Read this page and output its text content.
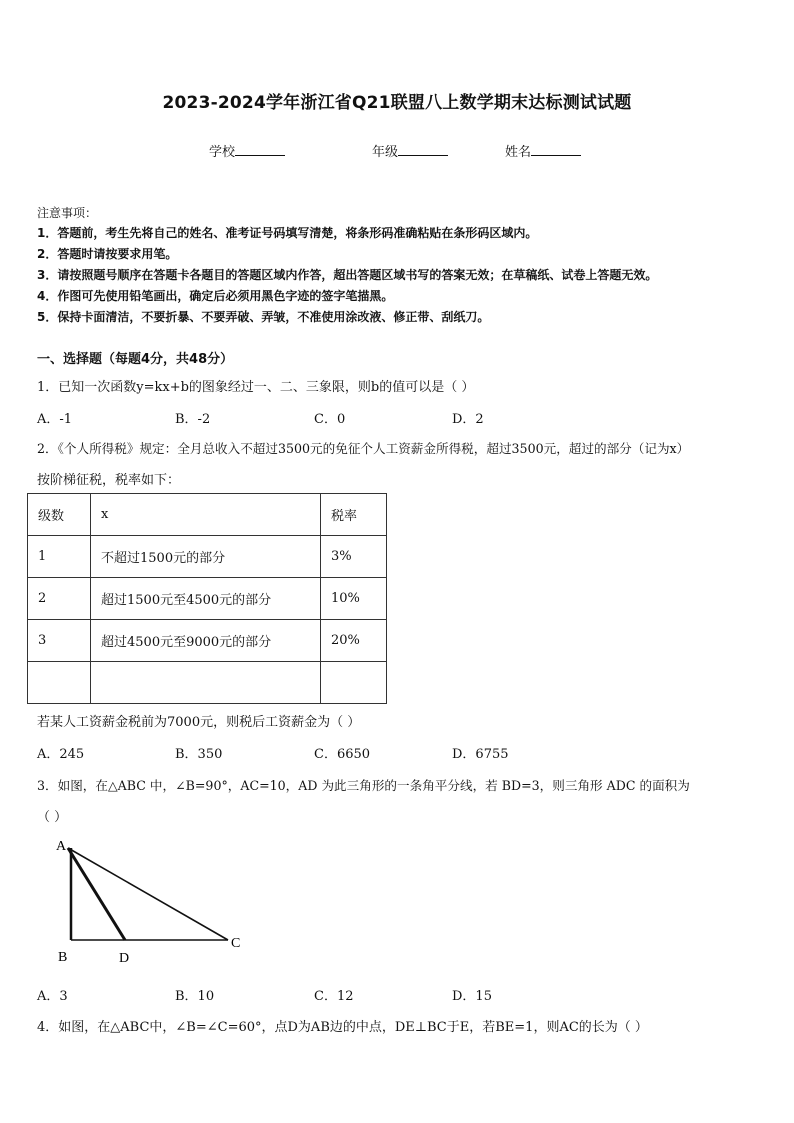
2023-2024学年浙江省Q21联盟八上数学期末达标测试试题
学校	年级	姓名
注意事项：
1．答题前，考生先将自己的姓名、准考证号码填写清楚，将条形码准确粘贴在条形码区域内。
2．答题时请按要求用笔。
3．请按照题号顺序在答题卡各题目的答题区域内作答，超出答题区域书写的答案无效；在草稿纸、试卷上答题无效。
4．作图可先使用铅笔画出，确定后必须用黑色字迹的签字笔描黑。
5．保持卡面清洁，不要折暴、不要弄破、弄皱，不准使用涂改液、修正带、刮纸刀。
一、选择题（每题4分，共48分）
1．已知一次函数y=kx+b的图象经过一、二、三象限，则b的值可以是（ ）
A．-1	B．-2	C．0	D．2
2．《个人所得税》规定：全月总收入不超过3500元的免征个人工资薪金所得税，超过3500元，超过的部分（记为x）
按阶梯征税，税率如下：
级数	x	税率
1	不超过1500元的部分	3%
2	超过1500元至4500元的部分	10%
3	超过4500元至9000元的部分	20%

若某人工资薪金税前为7000元，则税后工资薪金为（ ）
A．245	B．350	C．6650	D．6755
3．如图，在△ABC 中，∠B=90°，AC=10，AD 为此三角形的一条角平分线，若 BD=3，则三角形 ADC 的面积为
（ ）
A
B
C
D
A．3	B．10	C．12	D．15
4．如图，在△ABC中，∠B=∠C=60°，点D为AB边的中点，DE⊥BC于E，若BE=1，则AC的长为（ ）
